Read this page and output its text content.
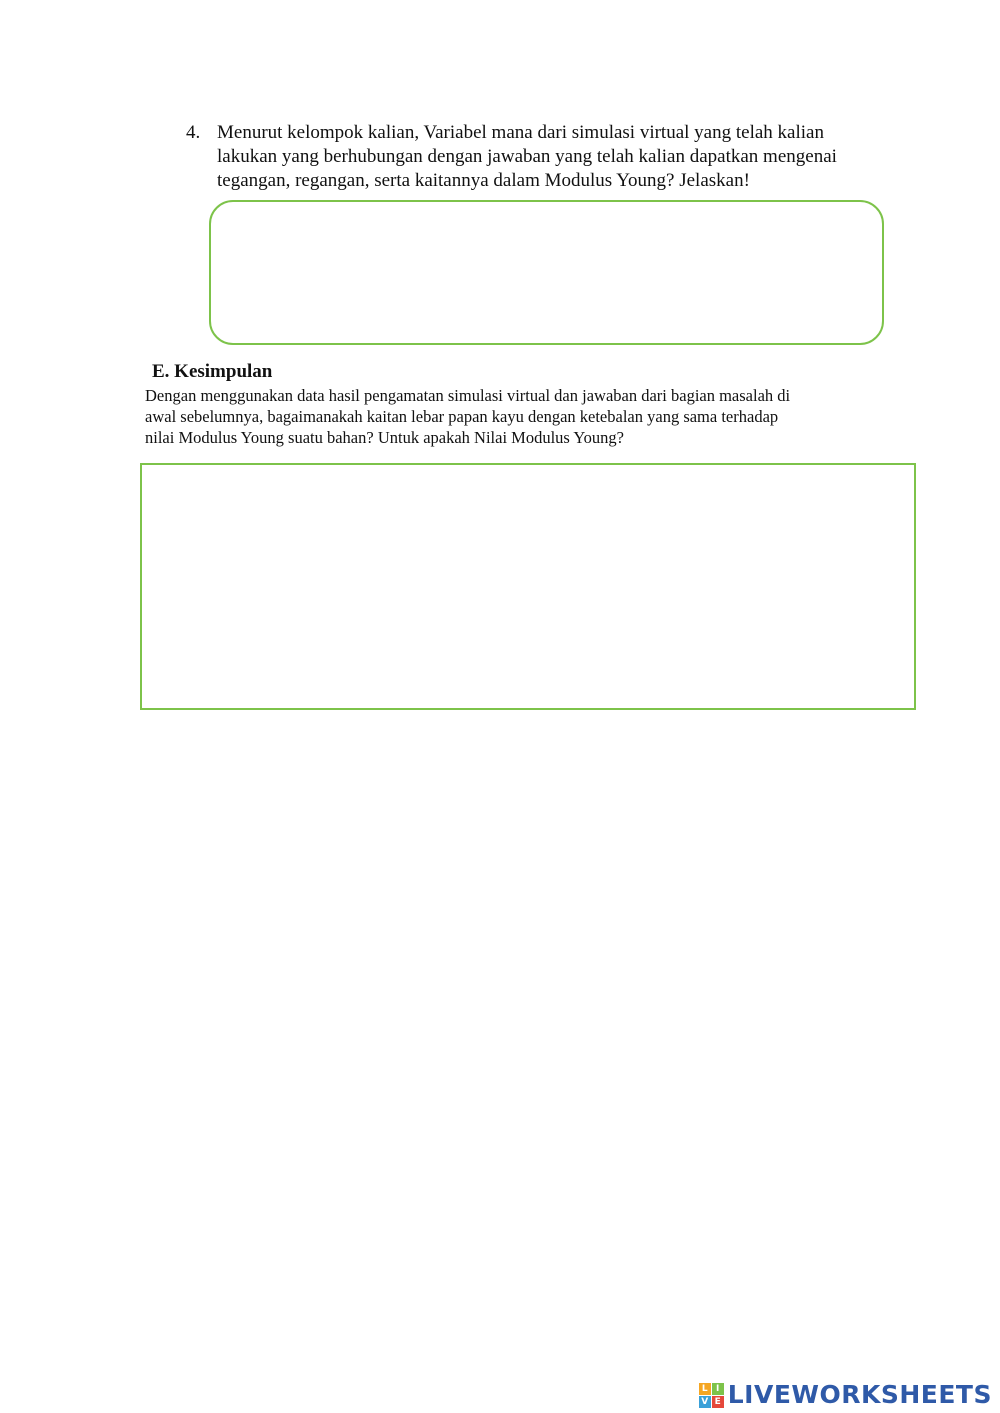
4. Menurut kelompok kalian, Variabel mana dari simulasi virtual yang telah kalian
lakukan yang berhubungan dengan jawaban yang telah kalian dapatkan mengenai
tegangan, regangan, serta kaitannya dalam Modulus Young? Jelaskan!
E. Kesimpulan
Dengan menggunakan data hasil pengamatan simulasi virtual dan jawaban dari bagian masalah di
awal sebelumnya, bagaimanakah kaitan lebar papan kayu dengan ketebalan yang sama terhadap
nilai Modulus Young suatu bahan? Untuk apakah Nilai Modulus Young?
L I
V E LIVEWORKSHEETS
